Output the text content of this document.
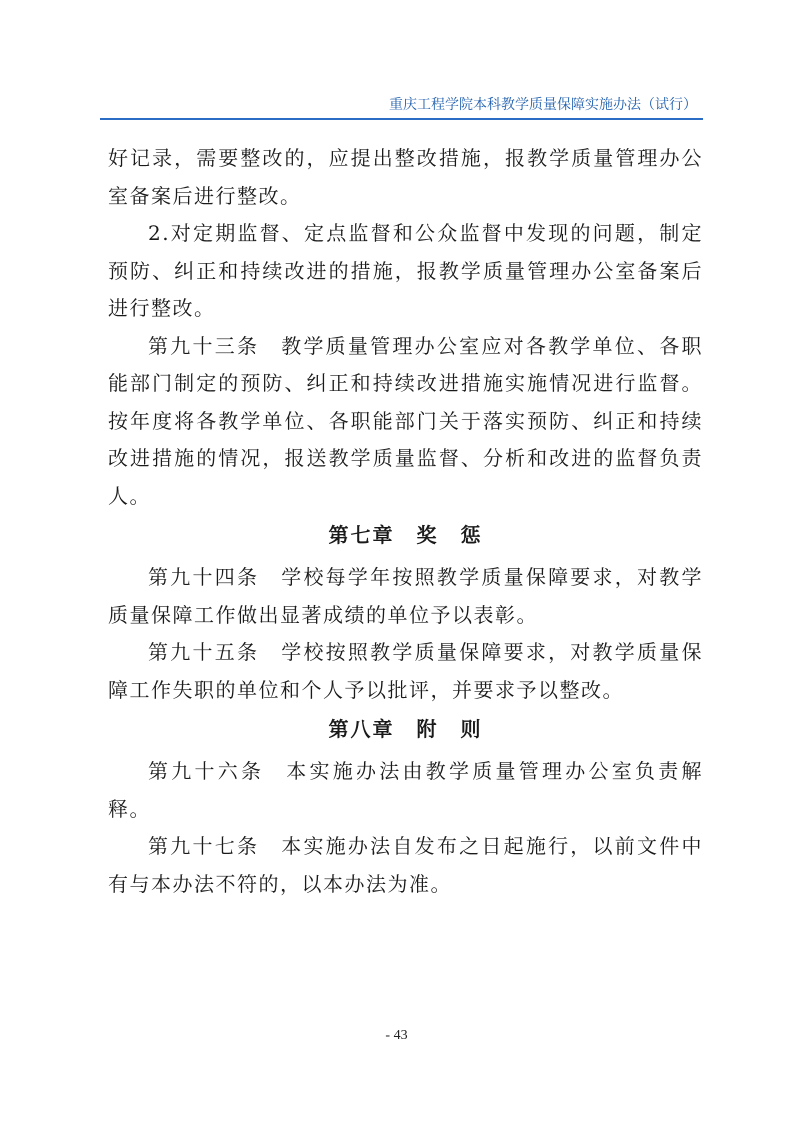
重庆工程学院本科教学质量保障实施办法（试行）

好记录，需要整改的，应提出整改措施，报教学质量管理办公室备案后进行整改。

2.对定期监督、定点监督和公众监督中发现的问题，制定预防、纠正和持续改进的措施，报教学质量管理办公室备案后进行整改。

第九十三条 教学质量管理办公室应对各教学单位、各职能部门制定的预防、纠正和持续改进措施实施情况进行监督。按年度将各教学单位、各职能部门关于落实预防、纠正和持续改进措施的情况，报送教学质量监督、分析和改进的监督负责人。

第七章　奖　惩

第九十四条 学校每学年按照教学质量保障要求，对教学质量保障工作做出显著成绩的单位予以表彰。

第九十五条 学校按照教学质量保障要求，对教学质量保障工作失职的单位和个人予以批评，并要求予以整改。

第八章　附　则

第九十六条 本实施办法由教学质量管理办公室负责解释。

第九十七条 本实施办法自发布之日起施行，以前文件中有与本办法不符的，以本办法为准。

- 43
